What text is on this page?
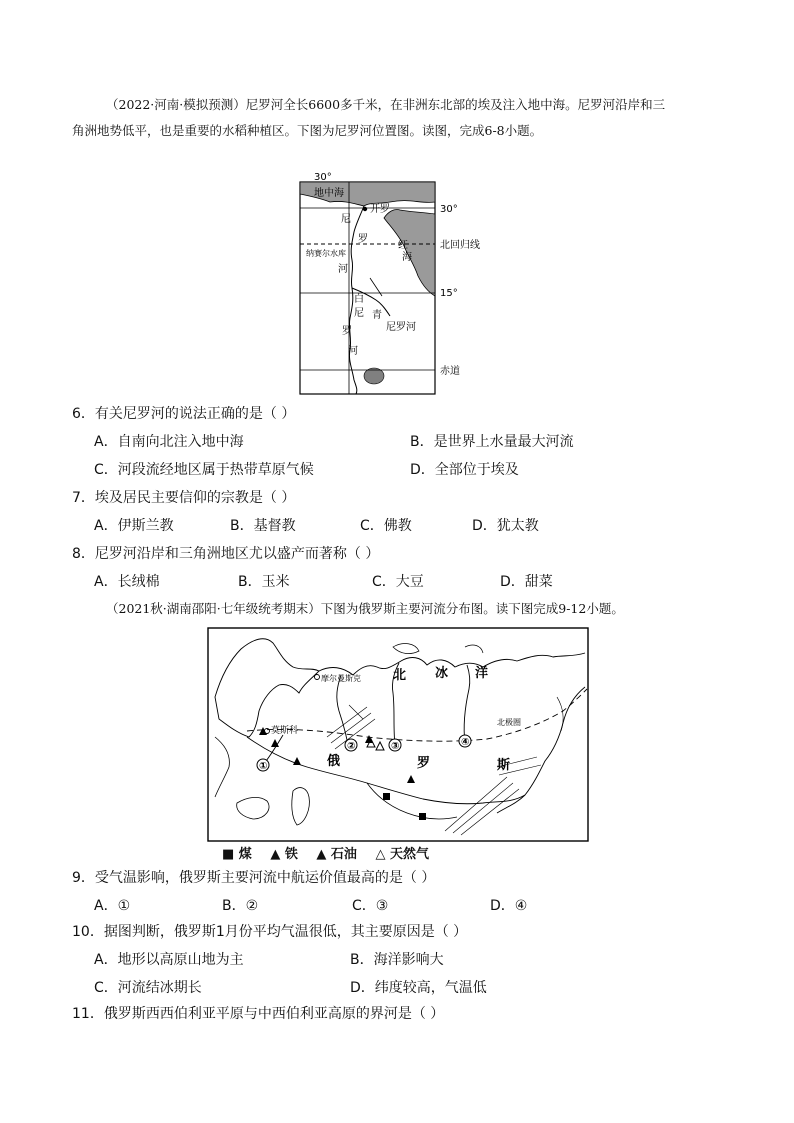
（2022·河南·模拟预测）尼罗河全长6600多千米，在非洲东北部的埃及注入地中海。尼罗河沿岸和三
角洲地势低平，也是重要的水稻种植区。下图为尼罗河位置图。读图，完成6-8小题。
30°
地中海
开罗	30°
北回归线
15°
赤道
尼
罗
纳赛尔水库
河
红
海
白
尼
罗
河
青
尼罗河
6．有关尼罗河的说法正确的是（ ）
A．自南向北注入地中海	B．是世界上水量最大河流
C．河段流经地区属于热带草原气候	D．全部位于埃及
7．埃及居民主要信仰的宗教是（ ）
A．伊斯兰教	B．基督教	C．佛教	D．犹太教
8．尼罗河沿岸和三角洲地区尤以盛产而著称（ ）
A．长绒棉	B．玉米	C．大豆	D．甜菜
（2021秋·湖南邵阳·七年级统考期末）下图为俄罗斯主要河流分布图。读下图完成9-12小题。
①
②	③	④
北 冰 洋
摩尔曼斯克
莫斯科
北极圈
俄	罗	斯
■ 煤 ▲ 铁 ▲ 石油 △ 天然气
9．受气温影响，俄罗斯主要河流中航运价值最高的是（ ）
A．①	B．②	C．③	D．④
10．据图判断，俄罗斯1月份平均气温很低，其主要原因是（ ）
A．地形以高原山地为主	B．海洋影响大
C．河流结冰期长	D．纬度较高，气温低
11．俄罗斯西西伯利亚平原与中西伯利亚高原的界河是（ ）
